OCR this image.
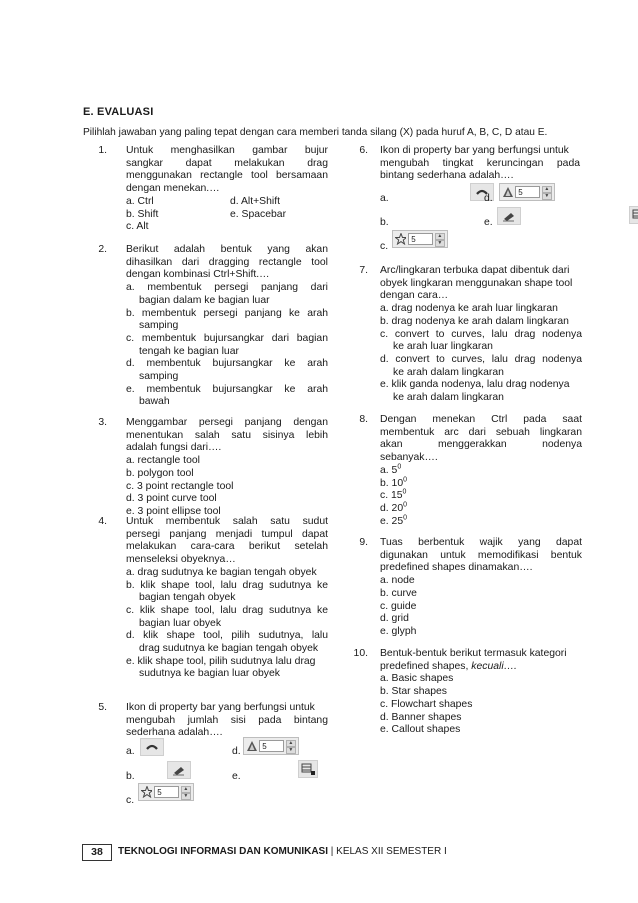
E. EVALUASI
Pilihlah jawaban yang paling tepat dengan cara memberi tanda silang (X) pada huruf A, B, C, D atau E.
1. Untuk menghasilkan gambar bujur
sangkar dapat melakukan drag
menggunakan rectangle tool bersamaan
dengan menekan.…
a. Ctrl
b. Shift
c. Alt
d. Alt+Shift
e. Spacebar
2. Berikut adalah bentuk yang akan
dihasilkan dari dragging rectangle tool
dengan kombinasi Ctrl+Shift.…
a. membentuk persegi panjang dari
bagian dalam ke bagian luar
b. membentuk persegi panjang ke arah
samping
c. membentuk bujursangkar dari bagian
tengah ke bagian luar
d. membentuk bujursangkar ke arah
samping
e. membentuk bujursangkar ke arah
bawah
3. Menggambar persegi panjang dengan
menentukan salah satu sisinya lebih
adalah fungsi dari….
a. rectangle tool
b. polygon tool
c. 3 point rectangle tool
d. 3 point curve tool
e. 3 point ellipse tool
4. Untuk membentuk salah satu sudut
persegi panjang menjadi tumpul dapat
melakukan cara-cara berikut setelah
menseleksi obyeknya…
a. drag sudutnya ke bagian tengah obyek
b. klik shape tool, lalu drag sudutnya ke
bagian tengah obyek
c. klik shape tool, lalu drag sudutnya ke
bagian luar obyek
d. klik shape tool, pilih sudutnya, lalu
drag sudutnya ke bagian tengah obyek
e. klik shape tool, pilih sudutnya lalu drag
sudutnya ke bagian luar obyek
5. Ikon di property bar yang berfungsi untuk
mengubah jumlah sisi pada bintang
sederhana adalah….
a.
	d.	5	▲
▼
b.
	e.

c.
5	▲
▼
6. Ikon di property bar yang berfungsi untuk
mengubah tingkat keruncingan pada
bintang sederhana adalah….
a.
	d.
5	▲
▼
b.
	e.
c.
5	▲
▼
7. Arc/lingkaran terbuka dapat dibentuk dari
obyek lingkaran menggunakan shape tool
dengan cara…
a. drag nodenya ke arah luar lingkaran
b. drag nodenya ke arah dalam lingkaran
c. convert to curves, lalu drag nodenya
ke arah luar lingkaran
d. convert to curves, lalu drag nodenya
ke arah dalam lingkaran
e. klik ganda nodenya, lalu drag nodenya
ke arah dalam lingkaran
8. Dengan menekan Ctrl pada saat
membentuk arc dari sebuah lingkaran
akan menggerakkan nodenya
sebanyak….
a. $5^0$
b. $10^0$
c. $15^0$
d. $20^0$
e. $25^0$
9. Tuas berbentuk wajik yang dapat
digunakan untuk memodifikasi bentuk
predefined shapes dinamakan….
a. node
b. curve
c. guide
d. grid
e. glyph
10. Bentuk-bentuk berikut termasuk kategori
predefined shapes, kecuali….
a. Basic shapes
b. Star shapes
c. Flowchart shapes
d. Banner shapes
e. Callout shapes
38	TEKNOLOGI INFORMASI DAN KOMUNIKASI | KELAS XII SEMESTER I
